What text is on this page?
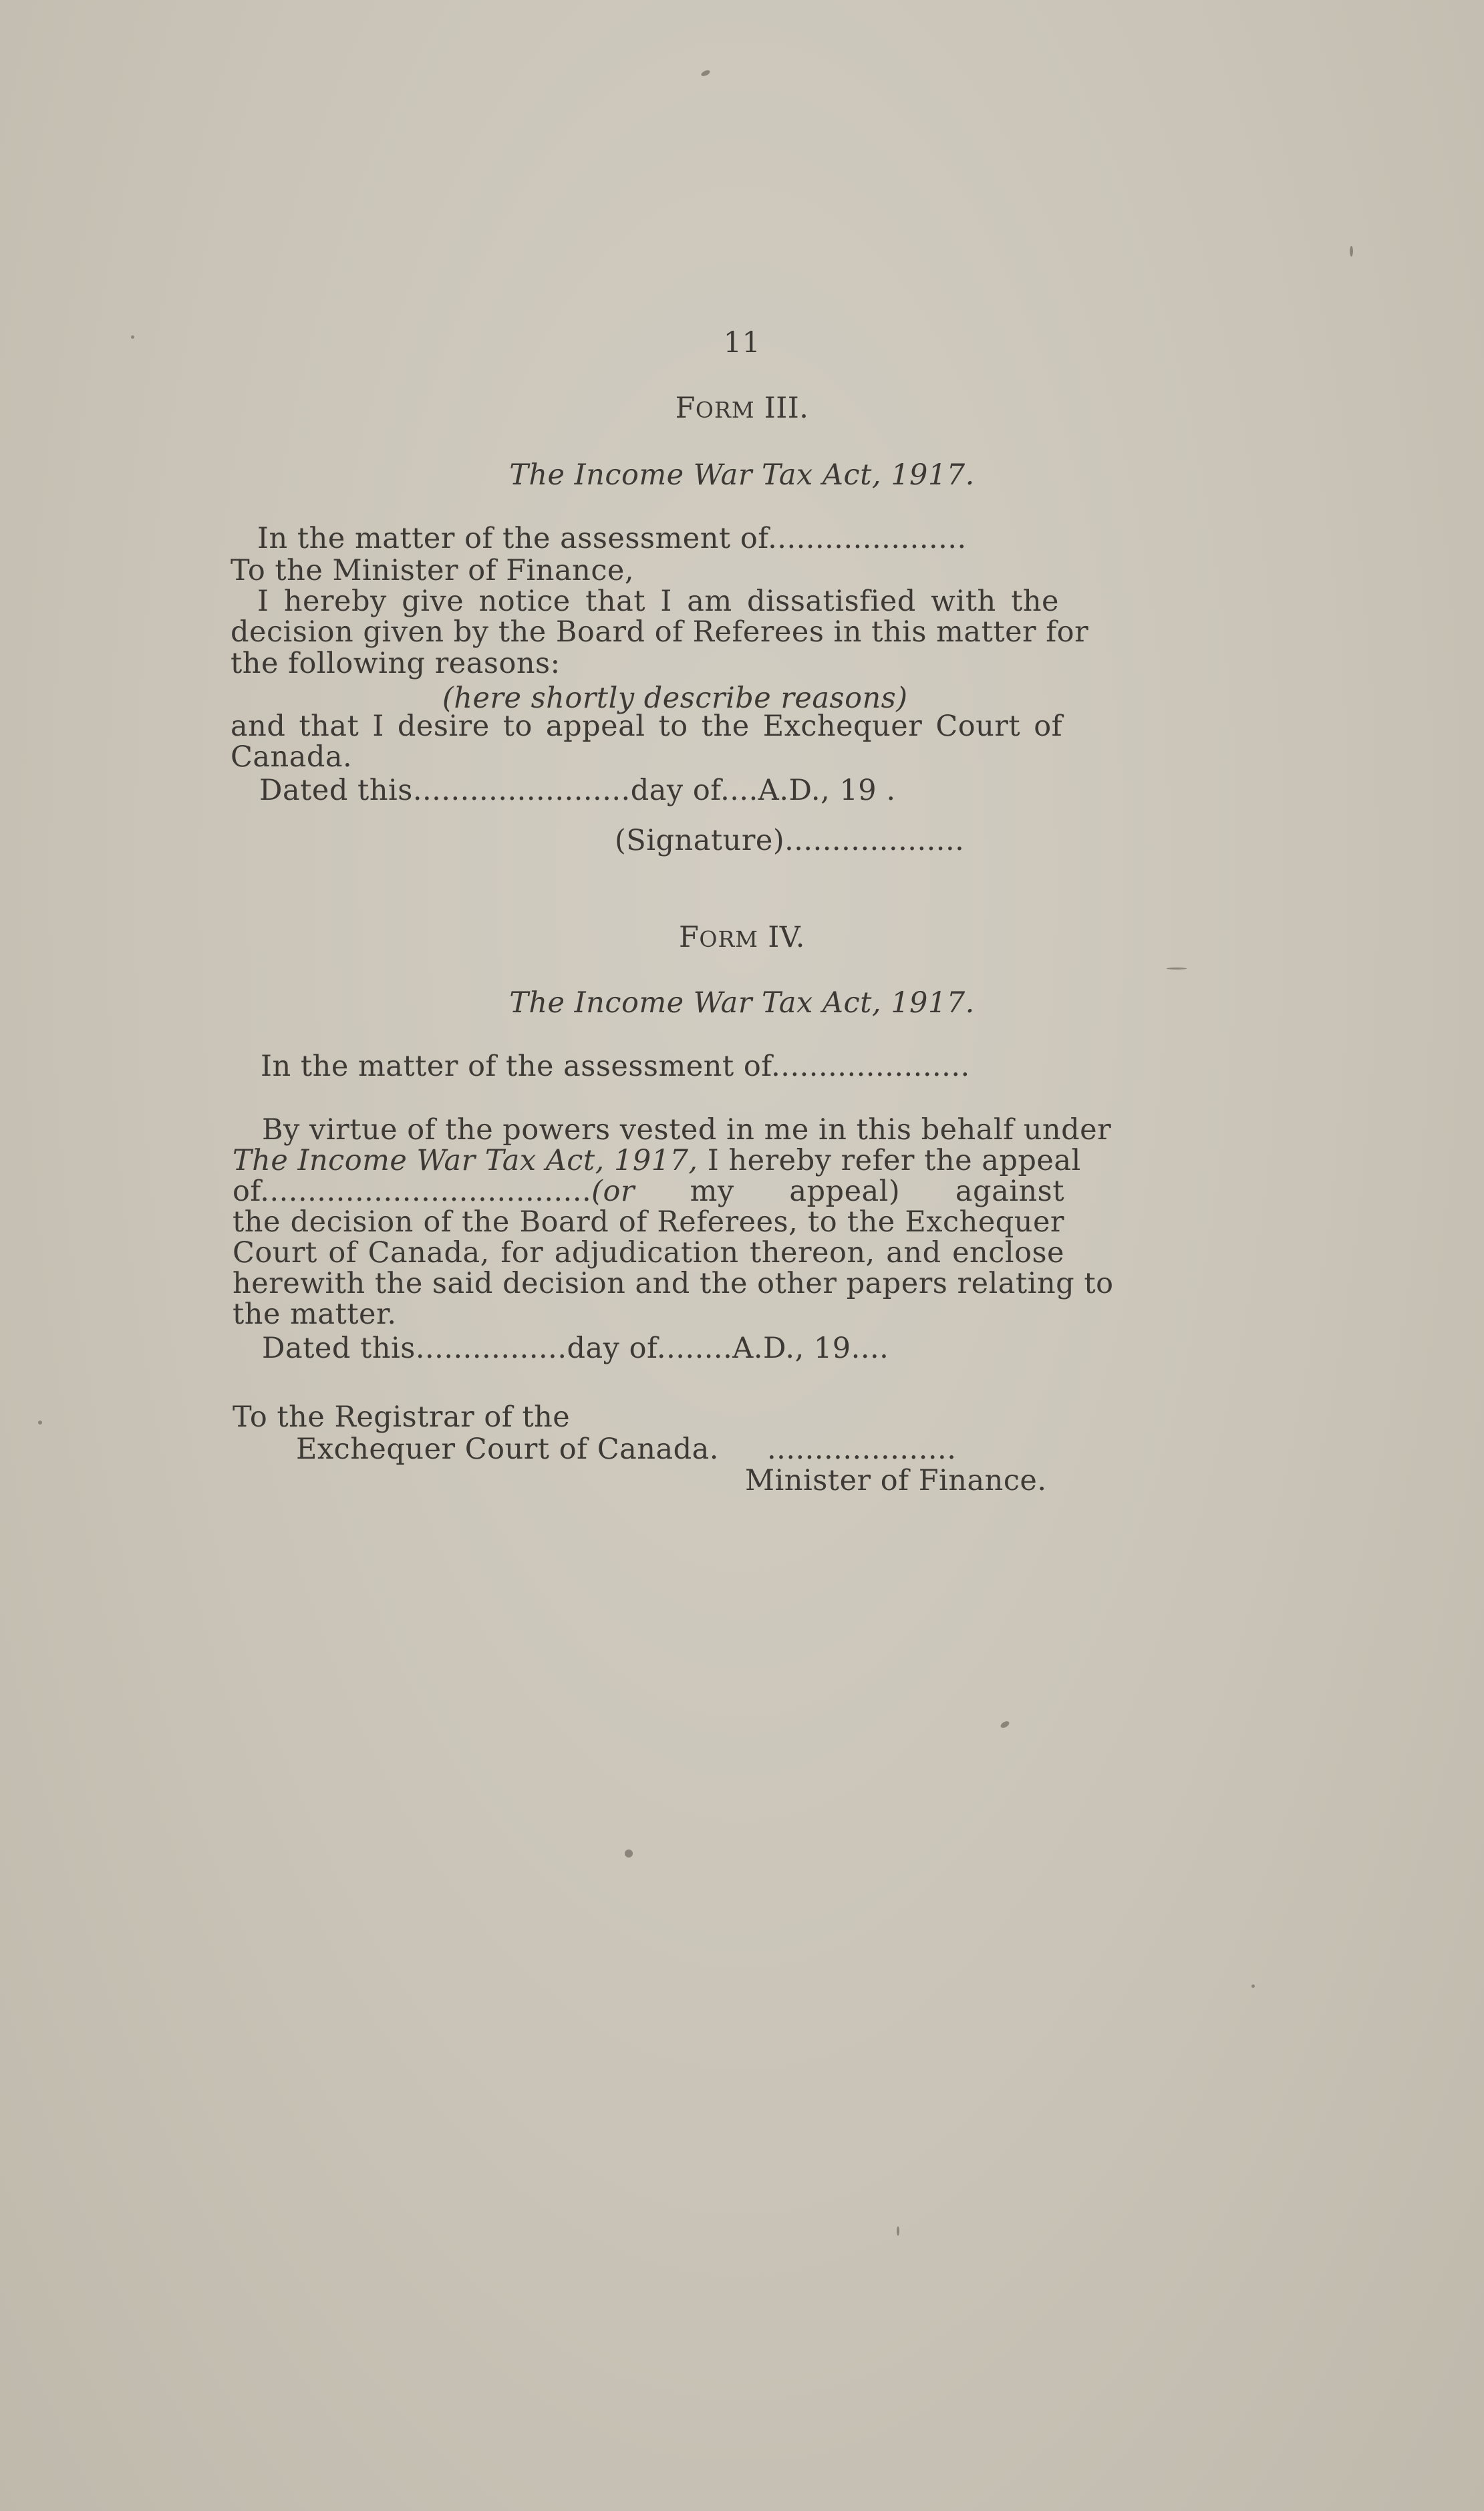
11
FORM III.
The Income War Tax Act, 1917.
In the matter of the assessment of.....................
To the Minister of Finance,
I hereby give notice that I am dissatisfied with the
decision given by the Board of Referees in this matter for
the following reasons:
(here shortly describe reasons)
and that I desire to appeal to the Exchequer Court of
Canada.
Dated this.......................day of....A.D., 19 .
(Signature)...................
FORM IV.
The Income War Tax Act, 1917.
In the matter of the assessment of.....................
By virtue of the powers vested in me in this behalf under
The Income War Tax Act, 1917, I hereby refer the appeal
of...................................(or my appeal) against
the decision of the Board of Referees, to the Exchequer
Court of Canada, for adjudication thereon, and enclose
herewith the said decision and the other papers relating to
the matter.
Dated this................day of........A.D., 19....
To the Registrar of the
Exchequer Court of Canada. ....................
Minister of Finance.
